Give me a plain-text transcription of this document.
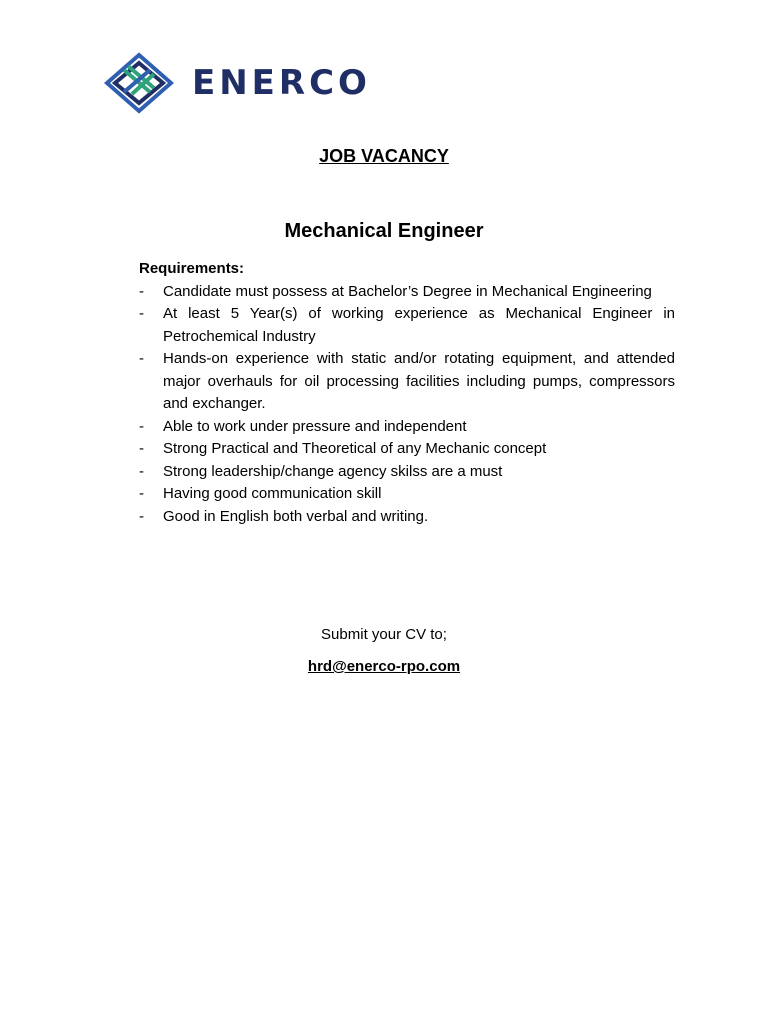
ENERCO
JOB VACANCY
Mechanical Engineer
Requirements:
-	Candidate must possess at Bachelor’s Degree in Mechanical Engineering
-	At least 5 Year(s) of working experience as Mechanical Engineer in Petrochemical Industry
-	Hands-on experience with static and/or rotating equipment, and attended major overhauls for oil processing facilities including pumps, compressors and exchanger.
-	Able to work under pressure and independent
-	Strong Practical and Theoretical of any Mechanic concept
-	Strong leadership/change agency skilss are a must
-	Having good communication skill
-	Good in English both verbal and writing.
Submit your CV to;
hrd@enerco-rpo.com
